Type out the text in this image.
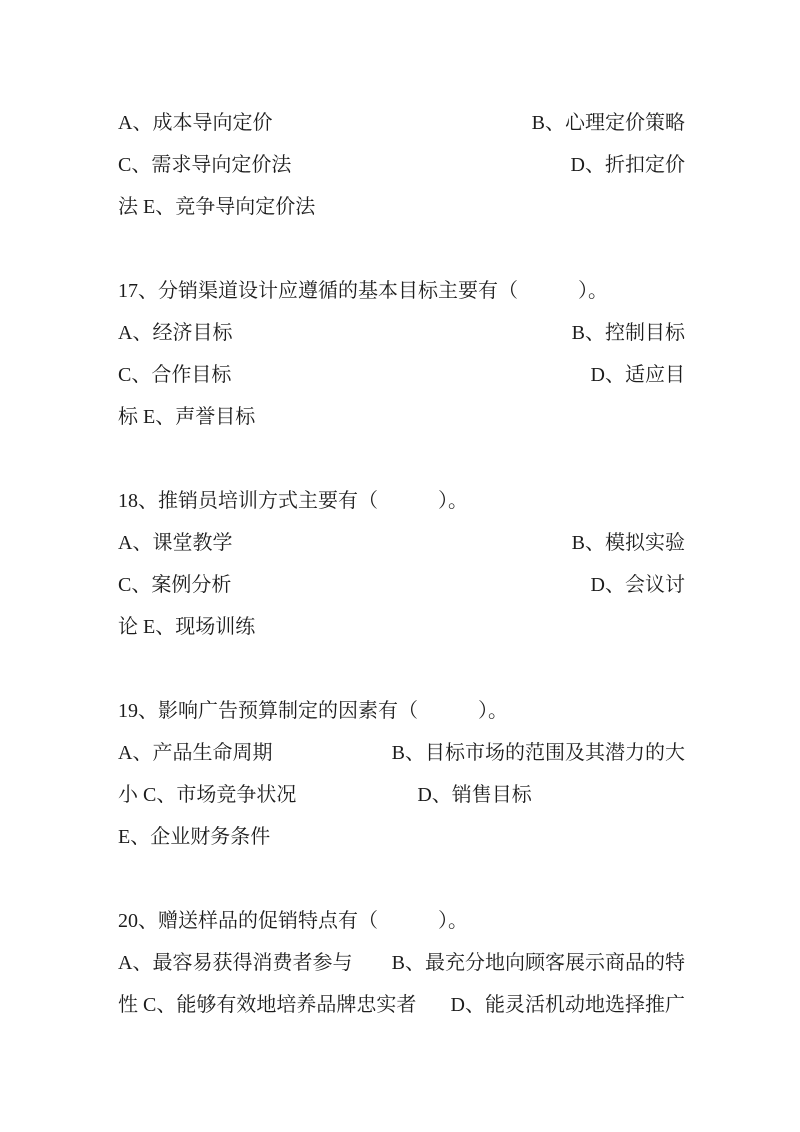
A、成本导向定价	B、心理定价策略
C、需求导向定价法	D、折扣定价
法 E、竞争导向定价法
17、分销渠道设计应遵循的基本目标主要有（　　　）。
A、经济目标	B、控制目标
C、合作目标	D、适应目
标 E、声誉目标
18、推销员培训方式主要有（　　　）。
A、课堂教学	B、模拟实验
C、案例分析	D、会议讨
论 E、现场训练
19、影响广告预算制定的因素有（　　　）。
A、产品生命周期	B、目标市场的范围及其潜力的大
小 C、市场竞争状况	D、销售目标
E、企业财务条件
20、赠送样品的促销特点有（　　　）。
A、最容易获得消费者参与 B、最充分地向顾客展示商品的特
性 C、能够有效地培养品牌忠实者 D、能灵活机动地选择推广
